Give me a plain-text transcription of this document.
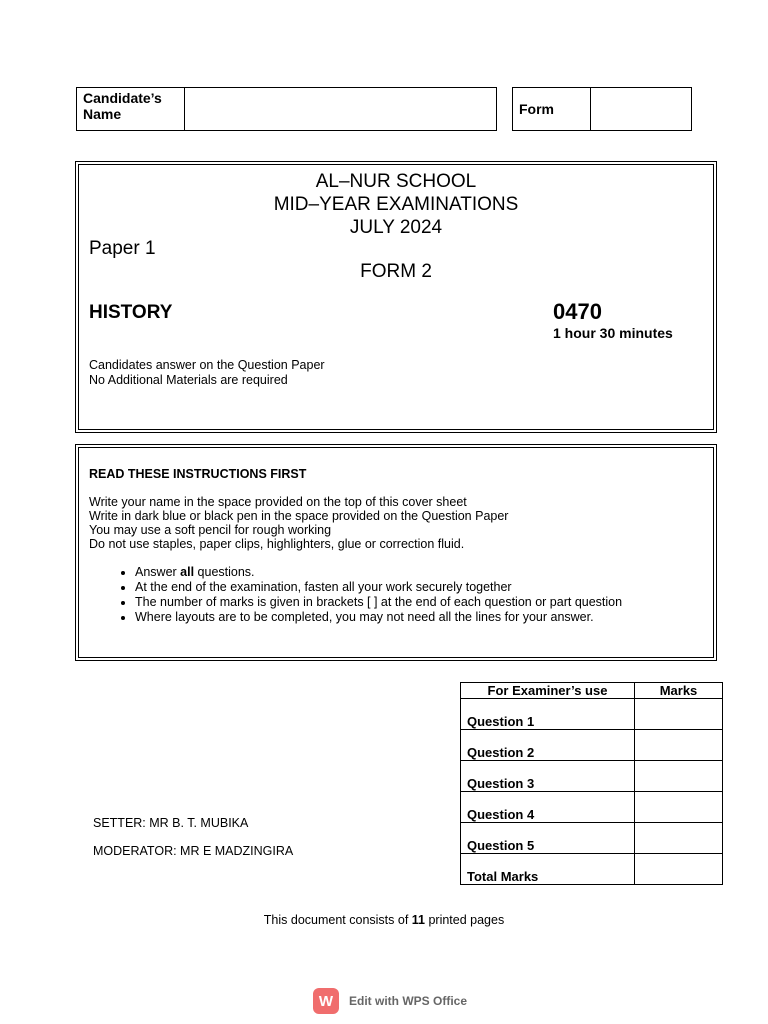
Candidate’s Name	Form
AL–NUR SCHOOL
MID–YEAR EXAMINATIONS
JULY 2024
Paper 1
FORM 2
HISTORY	0470
1 hour 30 minutes
Candidates answer on the Question Paper
No Additional Materials are required
READ THESE INSTRUCTIONS FIRST
Write your name in the space provided on the top of this cover sheet
Write in dark blue or black pen in the space provided on the Question Paper
You may use a soft pencil for rough working
Do not use staples, paper clips, highlighters, glue or correction fluid.
• Answer all questions.
• At the end of the examination, fasten all your work securely together
• The number of marks is given in brackets [ ] at the end of each question or part question
• Where layouts are to be completed, you may not need all the lines for your answer.
For Examiner’s use	Marks
Question 1	
Question 2	
Question 3	
Question 4	
Question 5	
Total Marks	
SETTER: MR B. T. MUBIKA
MODERATOR: MR E MADZINGIRA
This document consists of 11 printed pages
W	Edit with WPS Office
